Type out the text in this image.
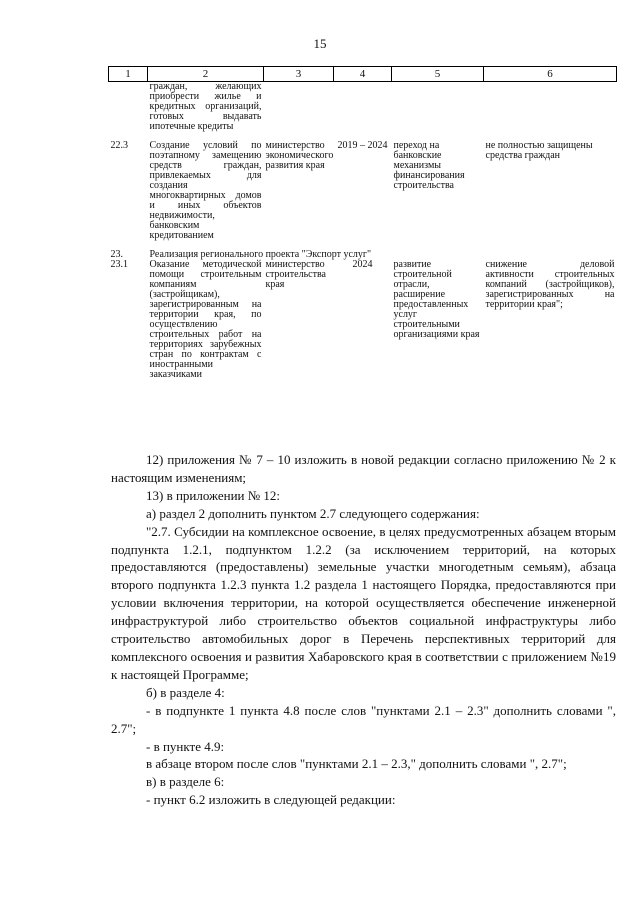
15
1	2	3	4	5	6
	граждан, желающих приобрести жилье и кредитных организаций, готовых выдавать ипотечные кредиты				
22.3	Создание условий по поэтапному замещению средств граждан, привлекаемых для создания многоквартирных домов и иных объектов недвижимости, банковским кредитованием	министерство экономического развития края	2019 – 2024	переход на банковские механизмы финансирования строительства	не полностью защищены средства граждан
23.	Реализация регионального проекта "Экспорт услуг"				
23.1	Оказание методической помощи строительным компаниям (застройщикам), зарегистрированным на территории края, по осуществлению строительных работ на территориях зарубежных стран по контрактам с иностранными заказчиками	министерство строительства края	2024	развитие строительной отрасли, расширение предоставленных услуг строительными организациями края	снижение деловой активности строительных компаний (застройщиков), зарегистрированных на территории края";

12) приложения № 7 – 10 изложить в новой редакции согласно приложению № 2 к настоящим изменениям;

13) в приложении № 12:

а) раздел 2 дополнить пунктом 2.7 следующего содержания:

"2.7. Субсидии на комплексное освоение, в целях предусмотренных абзацем вторым подпункта 1.2.1, подпунктом 1.2.2 (за исключением территорий, на которых предоставляются (предоставлены) земельные участки многодетным семьям), абзаца второго подпункта 1.2.3 пункта 1.2 раздела 1 настоящего Порядка, предоставляются при условии включения территории, на которой осуществляется обеспечение инженерной инфраструктурой либо строительство объектов социальной инфраструктуры либо строительство автомобильных дорог в Перечень перспективных территорий для комплексного освоения и развития Хабаровского края в соответствии с приложением №19 к настоящей Программе;

б) в разделе 4:

- в подпункте 1 пункта 4.8 после слов "пунктами 2.1 – 2.3" дополнить словами ", 2.7";

- в пункте 4.9:

в абзаце втором после слов "пунктами 2.1 – 2.3," дополнить словами ", 2.7";

в) в разделе 6:

- пункт 6.2 изложить в следующей редакции:
